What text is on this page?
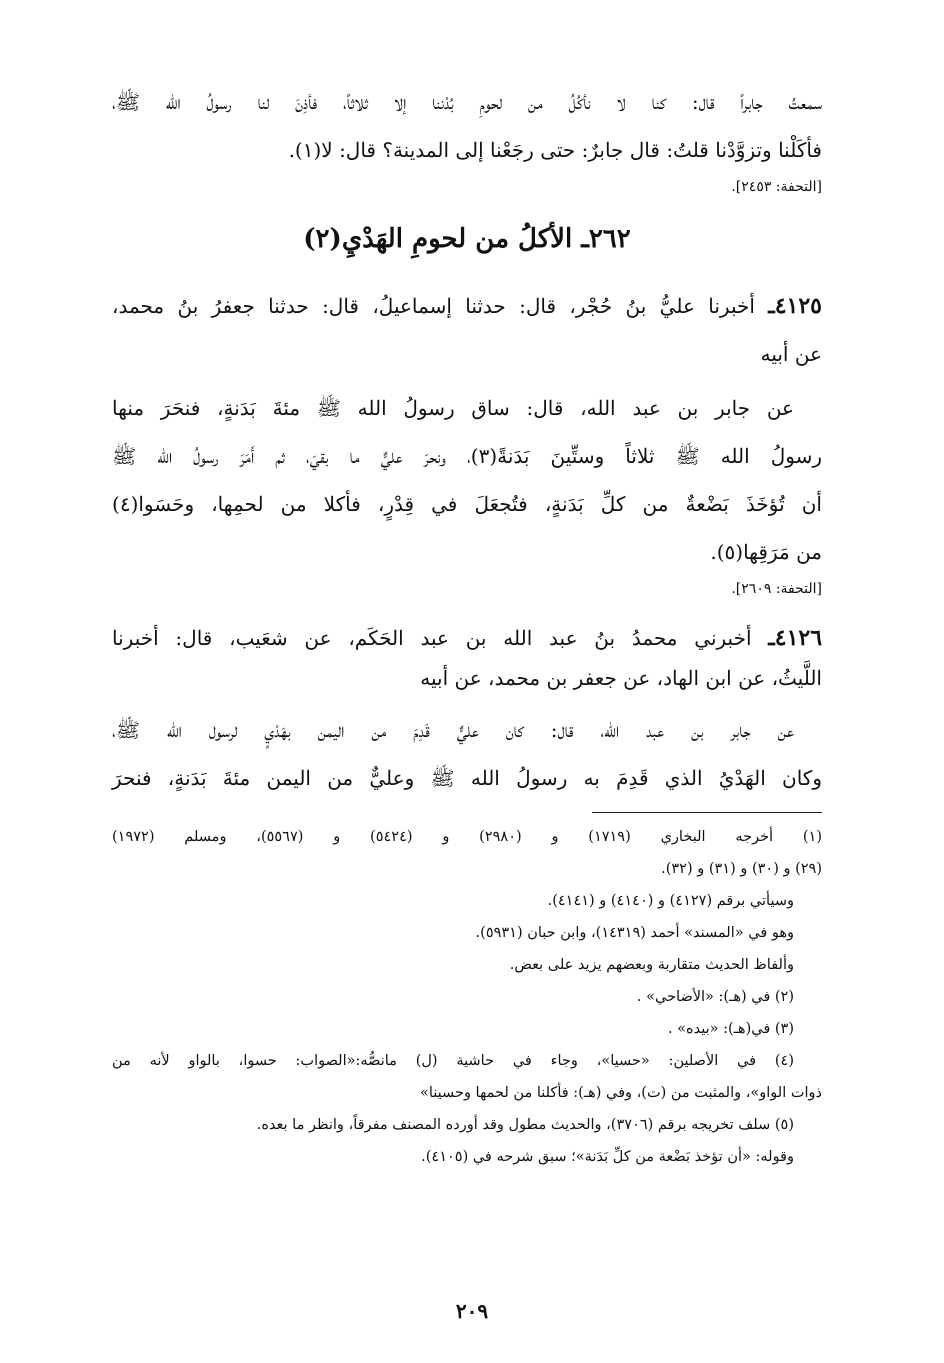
سمعتُ جابراً قال: كنا لا نأكُلُ من لحومِ بُدْننا إلا ثلاثاً، فأذِنَ لنا رسولُ الله ﷺ،
فأكَلْنا وتزوَّدْنا قلتُ: قال جابرٌ: حتى رجَعْنا إلى المدينة؟ قال: لا(١).
[التحفة: ٢٤٥٣].
٢٦٢ـ الأكلُ من لحومِ الهَدْيِ(٢)
٤١٢٥ـ أخبرنا عليُّ بنُ حُجْر، قال: حدثنا إسماعيلُ، قال: حدثنا جعفرُ بنُ محمد،
عن أبيه
عن جابر بن عبد الله، قال: ساق رسولُ الله ﷺ مئةَ بَدَنةٍ، فنحَرَ منها
رسولُ الله ﷺ ثلاثاً وستِّينَ بَدَنةً(٣)، ونحرَ عليٌّ ما بقيَ، ثم أَمَرَ رسولُ الله ﷺ
أن تُؤخَذَ بَضْعةٌ من كلِّ بَدَنةٍ، فتُجعَلَ في قِدْرٍ، فأكلا من لحمِها، وحَسَوا(٤)
من مَرَقِها(٥).
[التحفة: ٢٦٠٩].
٤١٢٦ـ أخبرني محمدُ بنُ عبد الله بن عبد الحَكَم، عن شعَيب، قال: أخبرنا
اللَّيثُ، عن ابن الهاد، عن جعفر بن محمد، عن أبيه
عن جابر بن عبد الله، قال: كان عليٌّ قَدِمَ من اليمن بهَدْيٍ لرسول الله ﷺ،
وكان الهَدْيُ الذي قَدِمَ به رسولُ الله ﷺ وعليٌّ من اليمن مئةَ بَدَنةٍ، فنحرَ
(١) أخرجه البخاري (١٧١٩) و (٢٩٨٠) و (٥٤٢٤) و (٥٥٦٧)، ومسلم (١٩٧٢)
(٢٩) و (٣٠) و (٣١) و (٣٢).
وسيأتي برقم (٤١٢٧) و (٤١٤٠) و (٤١٤١).
وهو في «المسند» أحمد (١٤٣١٩)، وابن حبان (٥٩٣١).
وألفاظ الحديث متقاربة وبعضهم يزيد على بعض.
(٢) في (هـ): «الأضاحي» .
(٣) في(هـ): «بيده» .
(٤) في الأصلين: «حسيا»، وجاء في حاشية (ل) مانصُّه:«الصواب: حسوا، بالواو لأنه من
ذوات الواو»، والمثبت من (ت)، وفي (هـ): فأكلنا من لحمها وحسينا»
(٥) سلف تخريجه برقم (٣٧٠٦)، والحديث مطول وقد أورده المصنف مفرقاً، وانظر ما بعده.
وقوله: «أن تؤخذ بَضْعة من كلِّ بَدَنة»؛ سبق شرحه في (٤١٠٥).
٢٠٩
